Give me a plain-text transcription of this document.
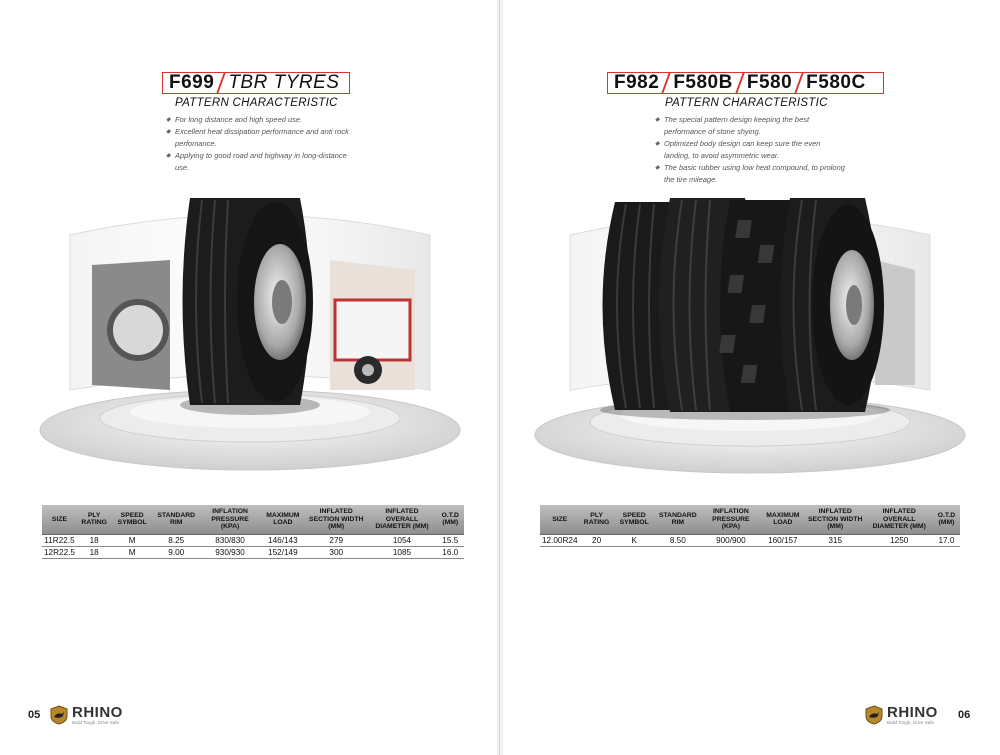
F699 TBR TYRES
PATTERN CHARACTERISTIC
◆ For long distance and high speed use.
◆ Excellent heat dissipation performance and anti rock perfomance.
◆ Applying to good road and highway in long-distance use.
SIZE	PLY RATING	SPEED SYMBOL	STANDARD RIM	INFLATION PRESSURE (KPA)	MAXIMUM LOAD	INFLATED SECTION WIDTH (MM)	INFLATED OVERALL DIAMETER (MM)	O.T.D (MM)
11R22.5	18	M	8.25	830/830	146/143	279	1054	15.5
12R22.5	18	M	9.00	930/930	152/149	300	1085	16.0
05 RHINO
Build Tough, Drive Safe
F982 F580B F580 F580C
PATTERN CHARACTERISTIC
◆ The special pattern design keeping the best performance of stone shying.
◆ Optimized body design can keep sure the even landing, to avoid asymmetric wear.
◆ The basic rubber using low heat compound, to prolong the tire mileage.
SIZE	PLY RATING	SPEED SYMBOL	STANDARD RIM	INFLATION PRESSURE (KPA)	MAXIMUM LOAD	INFLATED SECTION WIDTH (MM)	INFLATED OVERALL DIAMETER (MM)	O.T.D (MM)
12.00R24	20	K	8.50	900/900	160/157	315	1250	17.0
RHINO
Build Tough, Drive Safe
06
